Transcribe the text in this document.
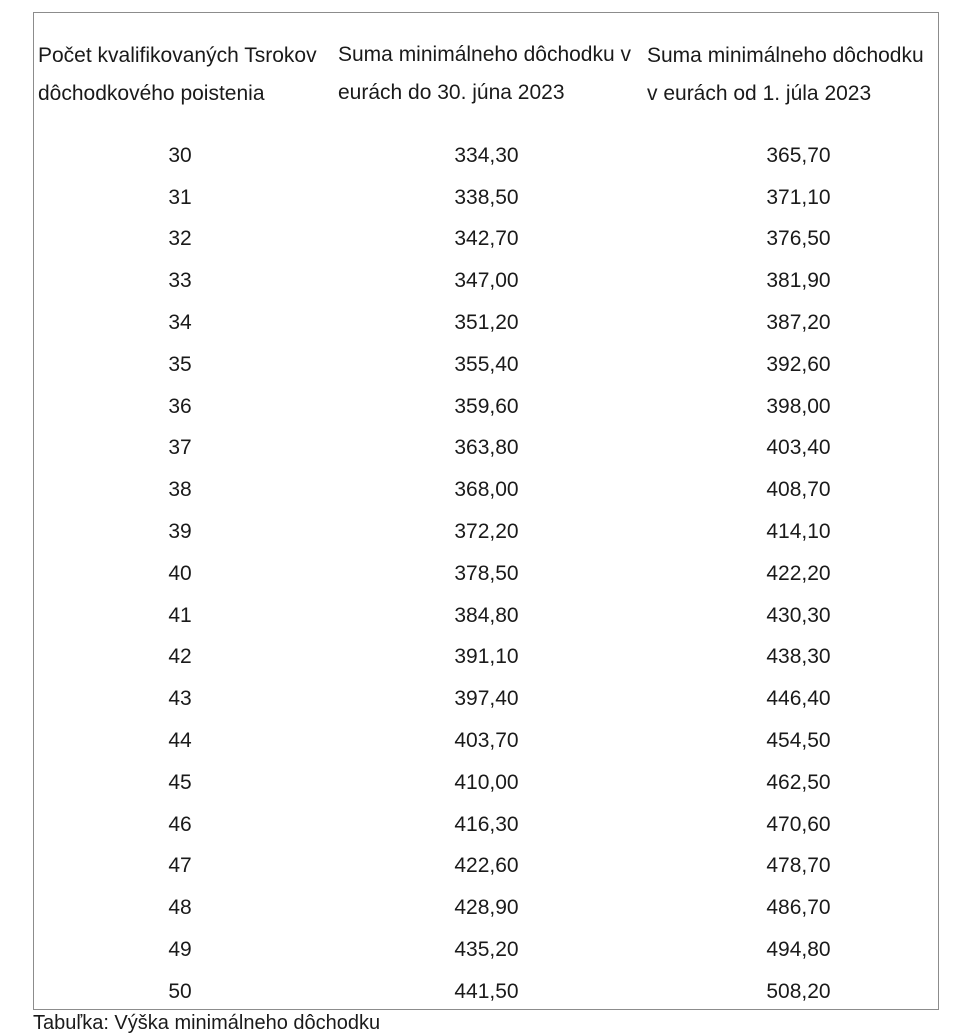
Počet kvalifikovaných Tsrokov dôchodkového poistenia	Suma minimálneho dôchodku v eurách do 30. júna 2023	Suma minimálneho dôchodku v eurách od 1. júla 2023
30	334,30	365,70
31	338,50	371,10
32	342,70	376,50
33	347,00	381,90
34	351,20	387,20
35	355,40	392,60
36	359,60	398,00
37	363,80	403,40
38	368,00	408,70
39	372,20	414,10
40	378,50	422,20
41	384,80	430,30
42	391,10	438,30
43	397,40	446,40
44	403,70	454,50
45	410,00	462,50
46	416,30	470,60
47	422,60	478,70
48	428,90	486,70
49	435,20	494,80
50	441,50	508,20
Tabuľka: Výška minimálneho dôchodku
